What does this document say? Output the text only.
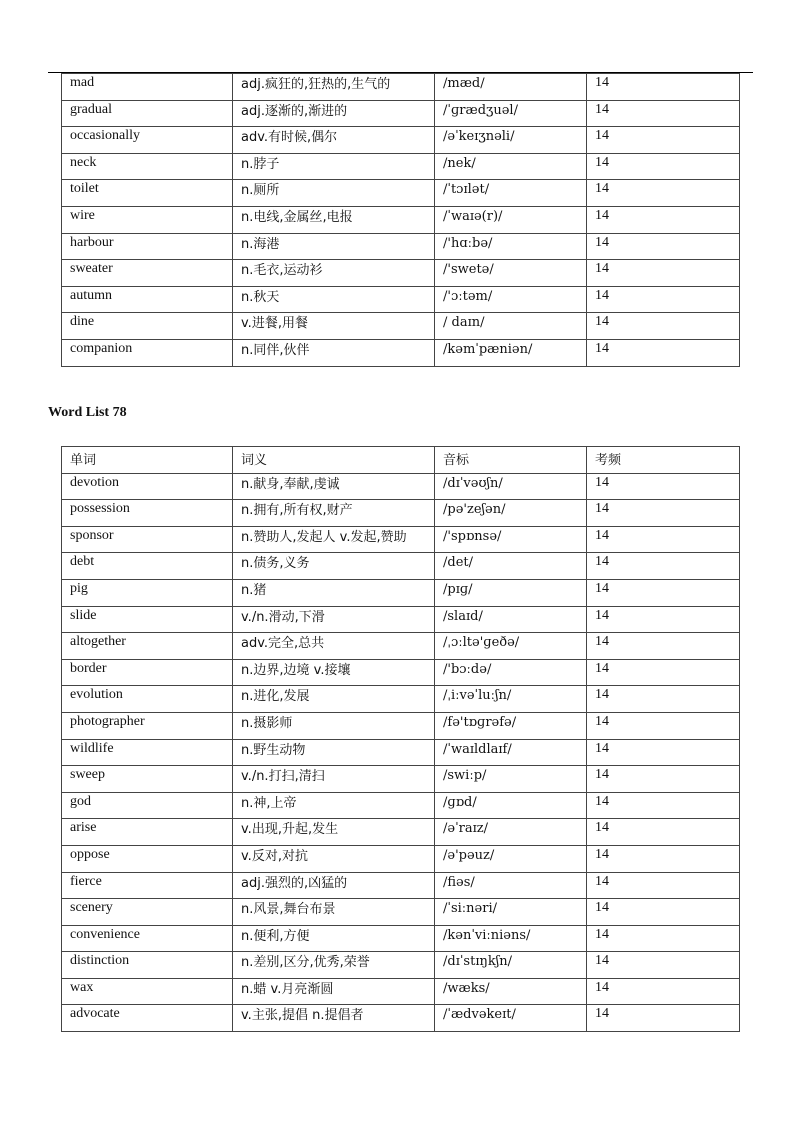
mad	adj.疯狂的,狂热的,生气的	/mæd/	14
gradual	adj.逐渐的,渐进的	/ˈɡrædʒuəl/	14
occasionally	adv.有时候,偶尔	/əˈkeɪʒnəli/	14
neck	n.脖子	/nek/	14
toilet	n.厕所	/ˈtɔɪlət/	14
wire	n.电线,金属丝,电报	/ˈwaɪə(r)/	14
harbour	n.海港	/'hɑːbə/	14
sweater	n.毛衣,运动衫	/'swetə/	14
autumn	n.秋天	/'ɔːtəm/	14
dine	v.进餐,用餐	/ daɪn/	14
companion	n.同伴,伙伴	/kəmˈpæniən/	14
Word List 78
单词	词义	音标	考频
devotion	n.献身,奉献,虔诚	/dɪˈvəʊʃn/	14
possession	n.拥有,所有权,财产	/pə'zeʃən/	14
sponsor	n.赞助人,发起人 v.发起,赞助	/'spɒnsə/	14
debt	n.债务,义务	/det/	14
pig	n.猪	/pɪɡ/	14
slide	v./n.滑动,下滑	/slaɪd/	14
altogether	adv.完全,总共	/ˌɔːltə'ɡeðə/	14
border	n.边界,边境 v.接壤	/'bɔːdə/	14
evolution	n.进化,发展	/ˌiːvəˈluːʃn/	14
photographer	n.摄影师	/fə'tɒɡrəfə/	14
wildlife	n.野生动物	/ˈwaɪldlaɪf/	14
sweep	v./n.打扫,清扫	/swiːp/	14
god	n.神,上帝	/ɡɒd/	14
arise	v.出现,升起,发生	/əˈraɪz/	14
oppose	v.反对,对抗	/ə'pəuz/	14
fierce	adj.强烈的,凶猛的	/fiəs/	14
scenery	n.风景,舞台布景	/ˈsiːnəri/	14
convenience	n.便利,方便	/kənˈviːniəns/	14
distinction	n.差别,区分,优秀,荣誉	/dɪˈstɪŋkʃn/	14
wax	n.蜡 v.月亮渐圆	/wæks/	14
advocate	v.主张,提倡 n.提倡者	/ˈædvəkeɪt/	14
